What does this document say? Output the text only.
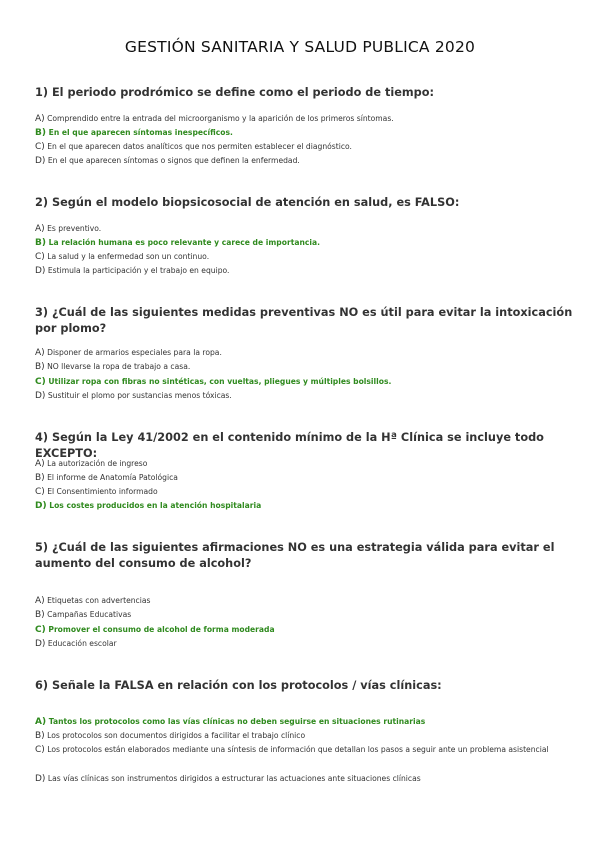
GESTIÓN SANITARIA Y SALUD PUBLICA 2020
1) El periodo prodrómico se define como el periodo de tiempo:
A) Comprendido entre la entrada del microorganismo y la aparición de los primeros síntomas.
B) En el que aparecen síntomas inespecíficos.
C) En el que aparecen datos analíticos que nos permiten establecer el diagnóstico.
D) En el que aparecen síntomas o signos que definen la enfermedad.
2) Según el modelo biopsicosocial de atención en salud, es FALSO:
A) Es preventivo.
B) La relación humana es poco relevante y carece de importancia.
C) La salud y la enfermedad son un continuo.
D) Estimula la participación y el trabajo en equipo.
3) ¿Cuál de las siguientes medidas preventivas NO es útil para evitar la intoxicación por plomo?
A) Disponer de armarios especiales para la ropa.
B) NO llevarse la ropa de trabajo a casa.
C) Utilizar ropa con fibras no sintéticas, con vueltas, pliegues y múltiples bolsillos.
D) Sustituir el plomo por sustancias menos tóxicas.
4) Según la Ley 41/2002 en el contenido mínimo de la Hª Clínica se incluye todo EXCEPTO:
A) La autorización de ingreso
B) El informe de Anatomía Patológica
C) El Consentimiento informado
D) Los costes producidos en la atención hospitalaria
5) ¿Cuál de las siguientes afirmaciones NO es una estrategia válida para evitar el aumento del consumo de alcohol?
A) Etiquetas con advertencias
B) Campañas Educativas
C) Promover el consumo de alcohol de forma moderada
D) Educación escolar
6) Señale la FALSA en relación con los protocolos / vías clínicas:
A) Tantos los protocolos como las vías clínicas no deben seguirse en situaciones rutinarias
B) Los protocolos son documentos dirigidos a facilitar el trabajo clínico
C) Los protocolos están elaborados mediante una síntesis de información que detallan los pasos a seguir ante un problema asistencial
D) Las vías clínicas son instrumentos dirigidos a estructurar las actuaciones ante situaciones clínicas
